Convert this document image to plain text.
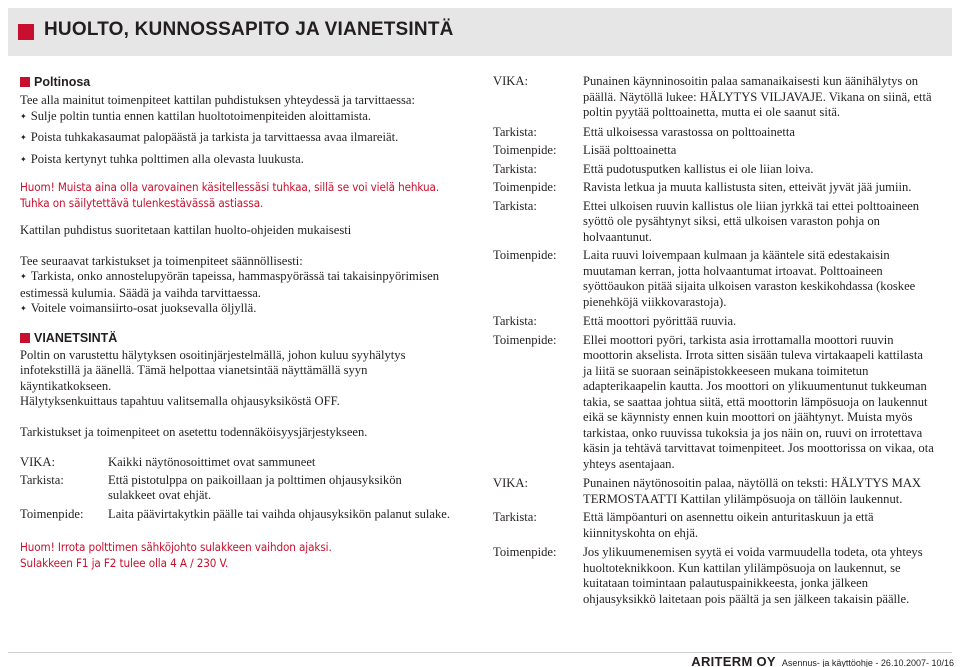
HUOLTO, KUNNOSSAPITO JA VIANETSINTÄ
Poltinosa
Tee alla mainitut toimenpiteet kattilan puhdistuksen yhteydessä ja tarvittaessa:
✦ Sulje poltin tuntia ennen kattilan huoltotoimenpiteiden aloittamista.
✦ Poista tuhkakasaumat palopäästä ja tarkista ja tarvittaessa avaa ilmareiät.
✦ Poista kertynyt tuhka polttimen alla olevasta luukusta.
Huom! Muista aina olla varovainen käsitellessäsi tuhkaa, sillä se voi vielä hehkua.
Tuhka on säilytettävä tulenkestävässä astiassa.
Kattilan puhdistus suoritetaan kattilan huolto-ohjeiden mukaisesti
Tee seuraavat tarkistukset ja toimenpiteet säännöllisesti:
✦ Tarkista, onko annostelupyörän tapeissa, hammaspyörässä tai takaisinpyörimisen estimessä kulumia. Säädä ja vaihda tarvittaessa.
✦ Voitele voimansiirto-osat juoksevalla öljyllä.
VIANETSINTÄ
Poltin on varustettu hälytyksen osoitinjärjestelmällä, johon kuluu syyhälytys infotekstillä ja äänellä. Tämä helpottaa vianetsintää näyttämällä syyn käyntikatkokseen.
Hälytyksenkuittaus tapahtuu valitsemalla ohjausyksiköstä OFF.
Tarkistukset ja toimenpiteet on asetettu todennäköisyysjärjestykseen.
VIKA:	Kaikki näytönosoittimet ovat sammuneet
Tarkista:	Että pistotulppa on paikoillaan ja polttimen ohjausyksikön sulakkeet ovat ehjät.
Toimenpide: Laita päävirtakytkin päälle tai vaihda ohjausyksikön palanut sulake.
Huom! Irrota polttimen sähköjohto sulakkeen vaihdon ajaksi.
Sulakkeen F1 ja F2 tulee olla 4 A / 230 V.
VIKA:	Punainen käynninosoitin palaa samanaikaisesti kun äänihälytys on päällä. Näytöllä lukee: HÄLYTYS VILJAVAJE. Vikana on siinä, että poltin pyytää polttoainetta, mutta ei ole saanut sitä.
Tarkista:	Että ulkoisessa varastossa on polttoainetta
Toimenpide: Lisää polttoainetta
Tarkista:	Että pudotusputken kallistus ei ole liian loiva.
Toimenpide: Ravista letkua ja muuta kallistusta siten, etteivät jyvät jää jumiin.
Tarkista:	Ettei ulkoisen ruuvin kallistus ole liian jyrkkä tai ettei polttoaineen syöttö ole pysähtynyt siksi, että ulkoisen varaston pohja on holvaantunut.
Toimenpide: Laita ruuvi loivempaan kulmaan ja kääntele sitä edestakaisin muutaman kerran, jotta holvaantumat irtoavat. Polttoaineen syöttöaukon pitää sijaita ulkoisen varaston keskikohdassa (koskee pienehköjä viikkovarastoja).
Tarkista:	Että moottori pyörittää ruuvia.
Toimenpide: Ellei moottori pyöri, tarkista asia irrottamalla moottori ruuvin moottorin akselista. Irrota sitten sisään tuleva virtakaapeli kattilasta ja liitä se suoraan seinäpistokkeeseen mukana toimitetun adapterikaapelin kautta. Jos moottori on ylikuumentunut tukkeuman takia, se saattaa johtua siitä, että moottorin lämpösuoja on laukennut eikä se käynnisty ennen kuin moottori on jäähtynyt. Muista myös tarkistaa, onko ruuvissa tukoksia ja jos näin on, ruuvi on irrotettava käsin ja tehtävä tarvittavat toimenpiteet. Jos moottorissa on vikaa, ota yhteys asentajaan.
VIKA:	Punainen näytönosoitin palaa, näytöllä on teksti: HÄLYTYS MAX TERMOSTAATTI Kattilan ylilämpösuoja on tällöin laukennut.
Tarkista:	Että lämpöanturi on asennettu oikein anturitaskuun ja että kiinnityskohta on ehjä.
Toimenpide: Jos ylikuumenemisen syytä ei voida varmuudella todeta, ota yhteys huoltoteknikkoon. Kun kattilan ylilämpösuoja on laukennut, se kuitataan toimintaan palautuspainikkeesta, jonka jälkeen ohjausyksikkö laitetaan pois päältä ja sen jälkeen takaisin päälle.
ARITERM OY Asennus- ja käyttöohje - 26.10.2007- 10/16
